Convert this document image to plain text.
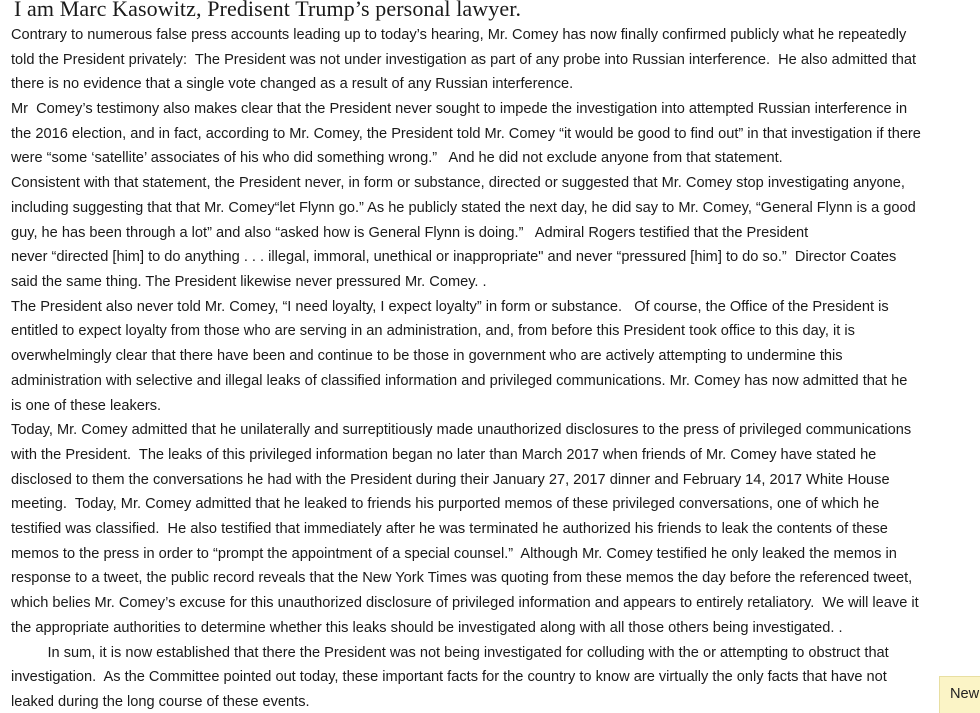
I am Marc Kasowitz, Predisent Trump’s personal lawyer.
Contrary to numerous false press accounts leading up to today’s hearing, Mr. Comey has now finally confirmed publicly what he repeatedly
told the President privately:  The President was not under investigation as part of any probe into Russian interference.  He also admitted that
there is no evidence that a single vote changed as a result of any Russian interference.
Mr  Comey’s testimony also makes clear that the President never sought to impede the investigation into attempted Russian interference in
the 2016 election, and in fact, according to Mr. Comey, the President told Mr. Comey “it would be good to find out” in that investigation if there
were “some ‘satellite’ associates of his who did something wrong.”   And he did not exclude anyone from that statement.
Consistent with that statement, the President never, in form or substance, directed or suggested that Mr. Comey stop investigating anyone,
including suggesting that that Mr. Comey“let Flynn go.” As he publicly stated the next day, he did say to Mr. Comey, “General Flynn is a good
guy, he has been through a lot” and also “asked how is General Flynn is doing.”   Admiral Rogers testified that the President
never “directed [him] to do anything . . . illegal, immoral, unethical or inappropriate" and never “pressured [him] to do so.”  Director Coates
said the same thing. The President likewise never pressured Mr. Comey. .
The President also never told Mr. Comey, “I need loyalty, I expect loyalty” in form or substance.   Of course, the Office of the President is
entitled to expect loyalty from those who are serving in an administration, and, from before this President took office to this day, it is
overwhelmingly clear that there have been and continue to be those in government who are actively attempting to undermine this
administration with selective and illegal leaks of classified information and privileged communications. Mr. Comey has now admitted that he
is one of these leakers.
Today, Mr. Comey admitted that he unilaterally and surreptitiously made unauthorized disclosures to the press of privileged communications
with the President.  The leaks of this privileged information began no later than March 2017 when friends of Mr. Comey have stated he
disclosed to them the conversations he had with the President during their January 27, 2017 dinner and February 14, 2017 White House
meeting.  Today, Mr. Comey admitted that he leaked to friends his purported memos of these privileged conversations, one of which he
testified was classified.  He also testified that immediately after he was terminated he authorized his friends to leak the contents of these
memos to the press in order to “prompt the appointment of a special counsel.”  Although Mr. Comey testified he only leaked the memos in
response to a tweet, the public record reveals that the New York Times was quoting from these memos the day before the referenced tweet,
which belies Mr. Comey’s excuse for this unauthorized disclosure of privileged information and appears to entirely retaliatory.  We will leave it
the appropriate authorities to determine whether this leaks should be investigated along with all those others being investigated. .
In sum, it is now established that there the President was not being investigated for colluding with the or attempting to obstruct that
investigation.  As the Committee pointed out today, these important facts for the country to know are virtually the only facts that have not
leaked during the long course of these events.	New
